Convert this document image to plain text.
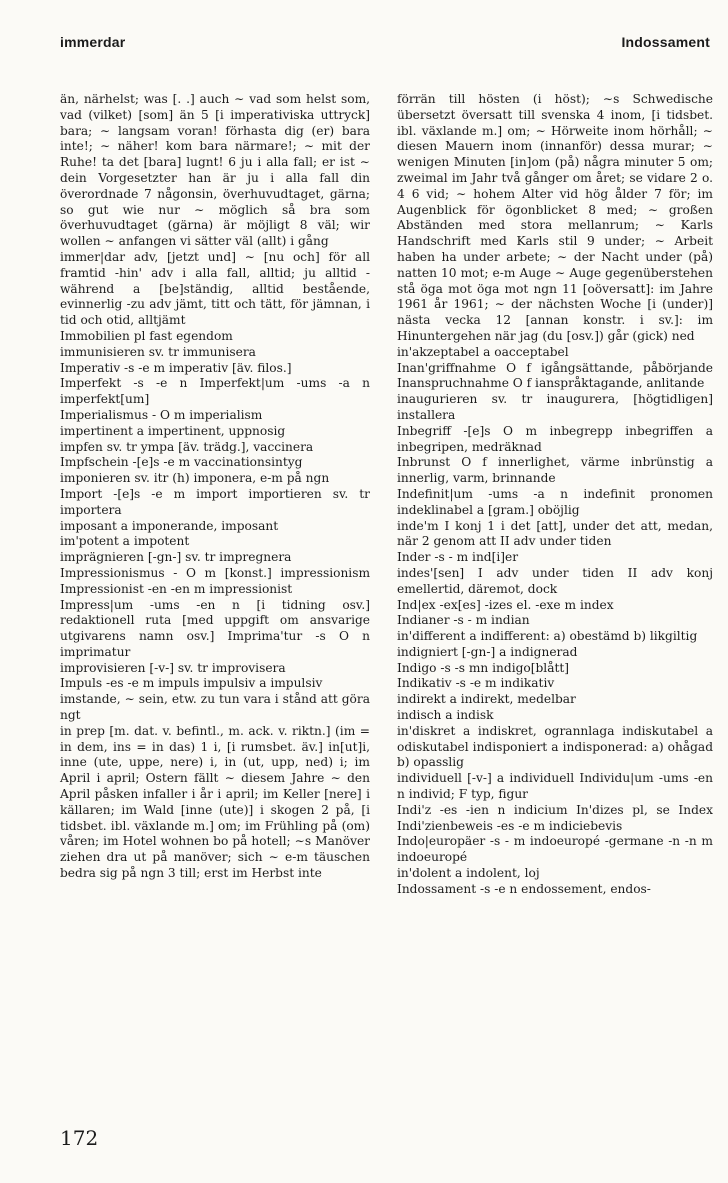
immerdar	Indossament

än, närhelst; was [. .] auch ∼ vad som helst som, vad (vilket) [som] än 5 [i imperativiska uttryck] bara; ∼ langsam voran! förhasta dig (er) bara inte!; ∼ näher! kom bara närmare!; ∼ mit der Ruhe! ta det [bara] lugnt! 6 ju i alla fall; er ist ∼ dein Vorgesetzter han är ju i alla fall din överordnade 7 någonsin, överhuvudtaget, gärna; so gut wie nur ∼ möglich så bra som överhuvudtaget (gärna) är möjligt 8 väl; wir wollen ∼ anfangen vi sätter väl (allt) i gång

immer|dar adv, [jetzt und] ∼ [nu och] för all framtid -hin' adv i alla fall, alltid; ju alltid -während a [be]ständig, alltid bestående, evinnerlig -zu adv jämt, titt och tätt, för jämnan, i tid och otid, alltjämt

Immobilien pl fast egendom

immunisieren sv. tr immunisera

Imperativ -s -e m imperativ [äv. filos.]

Imperfekt -s -e n Imperfekt|um -ums -a n imperfekt[um]

Imperialismus - O m imperialism

impertinent a impertinent, uppnosig

impfen sv. tr ympa [äv. trädg.], vaccinera

Impfschein -[e]s -e m vaccinationsintyg

imponieren sv. itr (h) imponera, e-m på ngn

Import -[e]s -e m import importieren sv. tr importera

imposant a imponerande, imposant

im'potent a impotent

imprägnieren [-gn-] sv. tr impregnera

Impressionismus - O m [konst.] impressionism Impressionist -en -en m impressionist

Impress|um -ums -en n [i tidning osv.] redaktionell ruta [med uppgift om ansvarige utgivarens namn osv.] Imprima'tur -s O n imprimatur

improvisieren [-v-] sv. tr improvisera

Impuls -es -e m impuls impulsiv a impulsiv

imstande, ∼ sein, etw. zu tun vara i stånd att göra ngt

in prep [m. dat. v. befintl., m. ack. v. riktn.] (im = in dem, ins = in das) 1 i, [i rumsbet. äv.] in[ut]i, inne (ute, uppe, nere) i, in (ut, upp, ned) i; im April i april; Ostern fällt ∼ diesem Jahre ∼ den April påsken infaller i år i april; im Keller [nere] i källaren; im Wald [inne (ute)] i skogen 2 på, [i tidsbet. ibl. växlande m.] om; im Frühling på (om) våren; im Hotel wohnen bo på hotell; ∼s Manöver ziehen dra ut på manöver; sich ∼ e-m täuschen bedra sig på ngn 3 till; erst im Herbst inte

förrän till hösten (i höst); ∼s Schwedische übersetzt översatt till svenska 4 inom, [i tidsbet. ibl. växlande m.] om; ∼ Hörweite inom hörhåll; ∼ diesen Mauern inom (innanför) dessa murar; ∼ wenigen Minuten [in]om (på) några minuter 5 om; zweimal im Jahr två gånger om året; se vidare 2 o. 4 6 vid; ∼ hohem Alter vid hög ålder 7 för; im Augenblick för ögonblicket 8 med; ∼ großen Abständen med stora mellanrum; ∼ Karls Handschrift med Karls stil 9 under; ∼ Arbeit haben ha under arbete; ∼ der Nacht under (på) natten 10 mot; e-m Auge ∼ Auge gegenüberstehen stå öga mot öga mot ngn 11 [oöversatt]: im Jahre 1961 år 1961; ∼ der nächsten Woche [i (under)] nästa vecka 12 [annan konstr. i sv.]: im Hinuntergehen när jag (du [osv.]) går (gick) ned

in'akzeptabel a oacceptabel

Inan'griffnahme O f igångsättande, påbörjande Inanspruchnahme O f ianspråktagande, anlitande

inaugurieren sv. tr inaugurera, [högtidligen] installera

Inbegriff -[e]s O m inbegrepp inbegriffen a inbegripen, medräknad

Inbrunst O f innerlighet, värme inbrünstig a innerlig, varm, brinnande

Indefinit|um -ums -a n indefinit pronomen indeklinabel a [gram.] oböjlig

inde'm I konj 1 i det [att], under det att, medan, när 2 genom att II adv under tiden

Inder -s - m ind[i]er

indes'[sen] I adv under tiden II adv konj emellertid, däremot, dock

Ind|ex -ex[es] -izes el. -exe m index

Indianer -s - m indian

in'different a indifferent: a) obestämd b) likgiltig

indigniert [-gn-] a indignerad

Indigo -s -s mn indigo[blått]

Indikativ -s -e m indikativ

indirekt a indirekt, medelbar

indisch a indisk

in'diskret a indiskret, ogrannlaga indiskutabel a odiskutabel indisponiert a indisponerad: a) ohågad b) opasslig

individuell [-v-] a individuell Individu|um -ums -en n individ; F typ, figur

Indi'z -es -ien n indicium In'dizes pl, se Index Indi'zienbeweis -es -e m indiciebevis

Indo|europäer -s - m indoeuropé -germane -n -n m indoeuropé

in'dolent a indolent, loj

Indossament -s -e n endossement, endos-

172
